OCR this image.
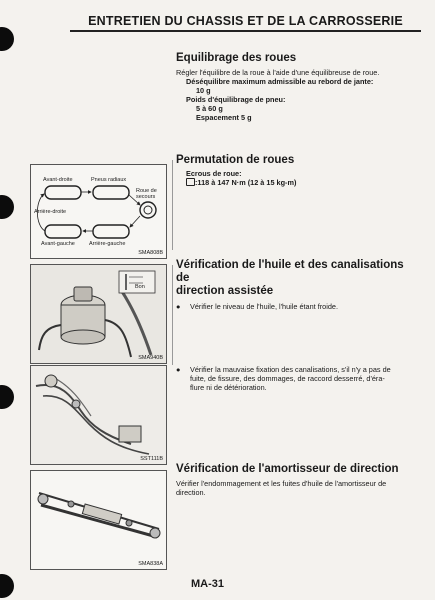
ENTRETIEN DU CHASSIS ET DE LA CARROSSERIE
Equilibrage des roues
Régler l'équilibre de la roue à l'aide d'une équilibreuse de roue.
Déséquilibre maximum admissible au rebord de jante:
10 g
Poids d'équilibrage de pneu:
5 à 60 g
Espacement 5 g
Permutation de roues
Ecrous de roue:
:118 à 147 N·m (12 à 15 kg-m)
Vérification de l'huile et des canalisations de
direction assistée
●	Vérifier le niveau de l'huile, l'huile étant froide.
●	Vérifier la mauvaise fixation des canalisations, s'il n'y a pas de
fuite, de fissure, des dommages, de raccord desserré, d'éra-
flure ni de détérioration.
Vérification de l'amortisseur de direction
Vérifier l'endommagement et les fuites d'huile de l'amortisseur de
direction.
Avant-droite	Pneus radiaux
Roue de
secours
Arrière-droite
Avant-gauche	Arrière-gauche
SMA808B
Bon
SMA940B
SST111B
SMA838A
MA-31
